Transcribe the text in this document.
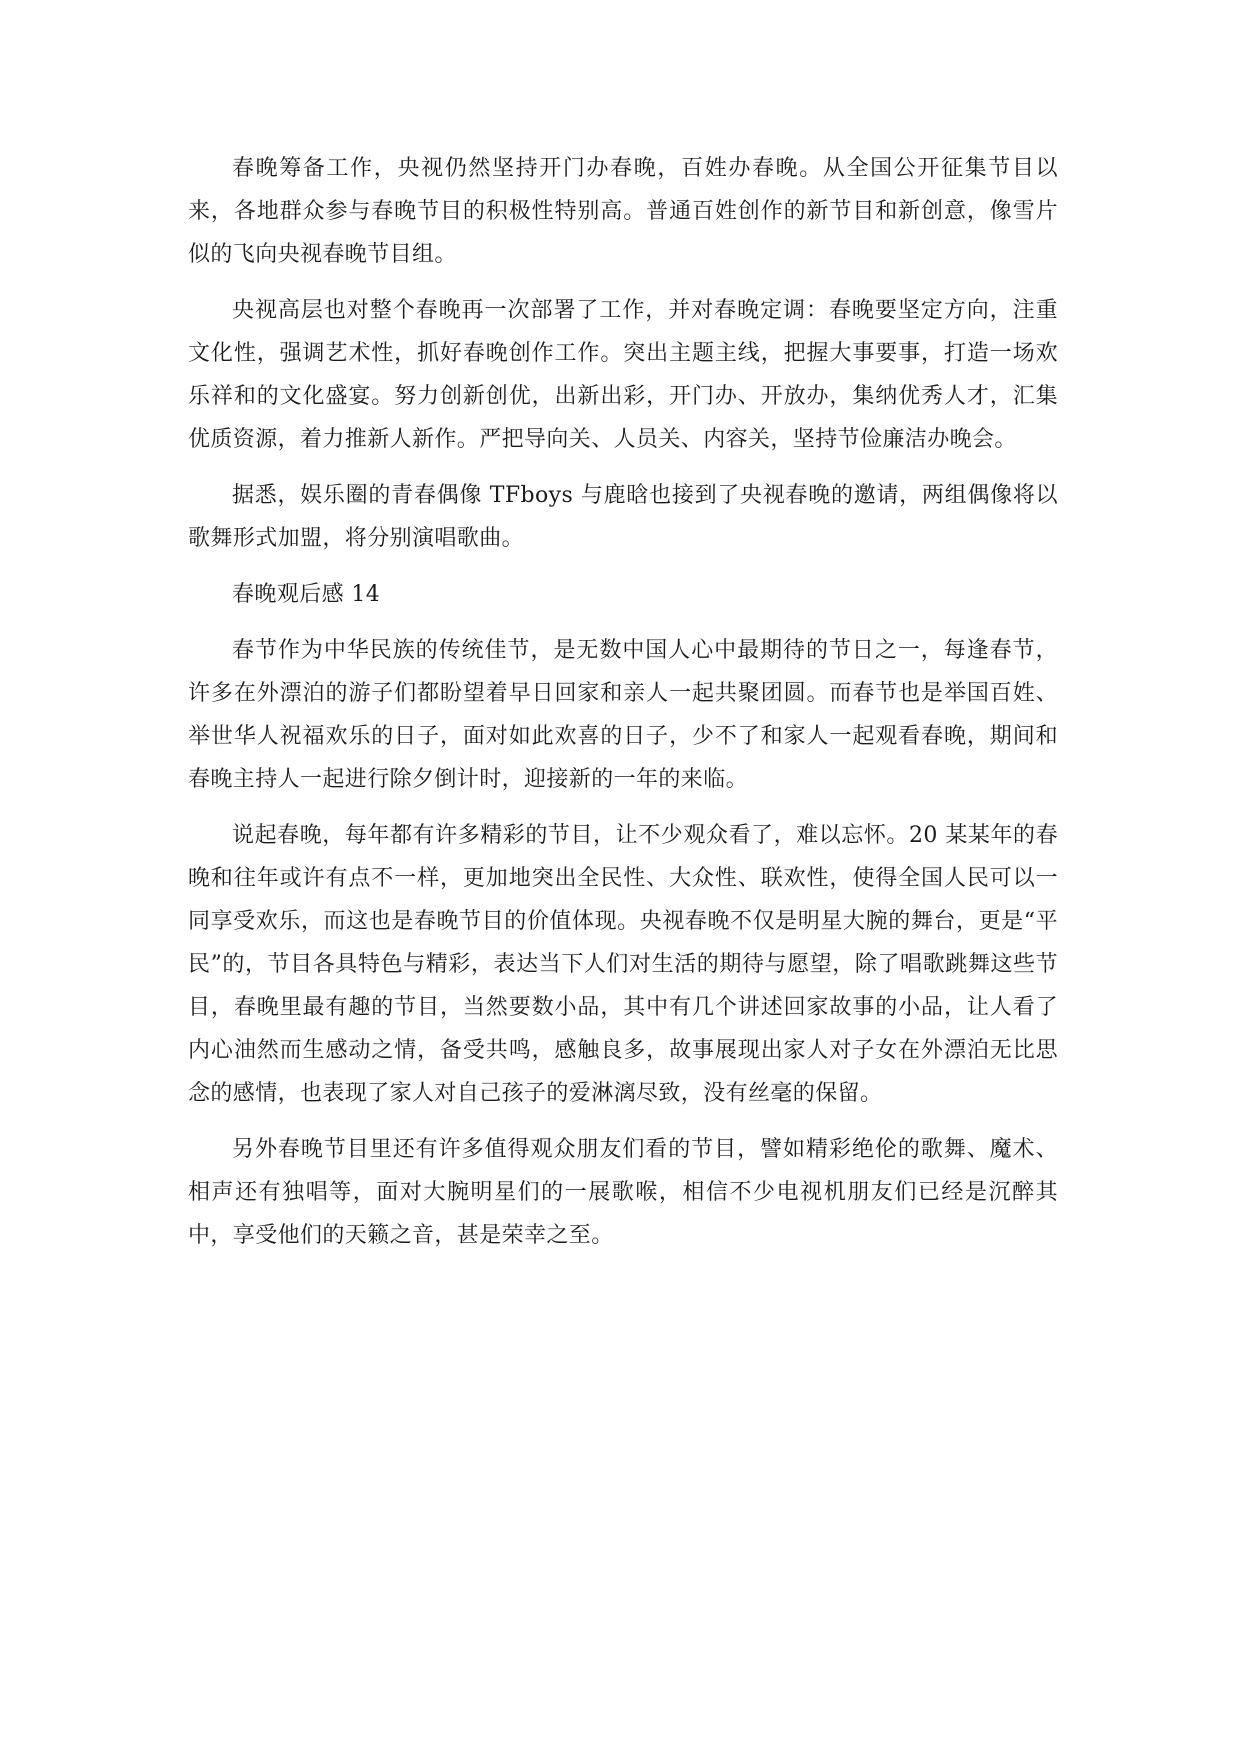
春晚筹备工作，央视仍然坚持开门办春晚，百姓办春晚。从全国公开征集节目以来，各地群众参与春晚节目的积极性特别高。普通百姓创作的新节目和新创意，像雪片似的飞向央视春晚节目组。

央视高层也对整个春晚再一次部署了工作，并对春晚定调：春晚要坚定方向，注重文化性，强调艺术性，抓好春晚创作工作。突出主题主线，把握大事要事，打造一场欢乐祥和的文化盛宴。努力创新创优，出新出彩，开门办、开放办，集纳优秀人才，汇集优质资源，着力推新人新作。严把导向关、人员关、内容关，坚持节俭廉洁办晚会。

据悉，娱乐圈的青春偶像 TFboys 与鹿晗也接到了央视春晚的邀请，两组偶像将以歌舞形式加盟，将分别演唱歌曲。

春晚观后感 14

春节作为中华民族的传统佳节，是无数中国人心中最期待的节日之一，每逢春节，许多在外漂泊的游子们都盼望着早日回家和亲人一起共聚团圆。而春节也是举国百姓、举世华人祝福欢乐的日子，面对如此欢喜的日子，少不了和家人一起观看春晚，期间和春晚主持人一起进行除夕倒计时，迎接新的一年的来临。

说起春晚，每年都有许多精彩的节目，让不少观众看了，难以忘怀。20 某某年的春晚和往年或许有点不一样，更加地突出全民性、大众性、联欢性，使得全国人民可以一同享受欢乐，而这也是春晚节目的价值体现。央视春晚不仅是明星大腕的舞台，更是“平民”的，节目各具特色与精彩，表达当下人们对生活的期待与愿望，除了唱歌跳舞这些节目，春晚里最有趣的节目，当然要数小品，其中有几个讲述回家故事的小品，让人看了内心油然而生感动之情，备受共鸣，感触良多，故事展现出家人对子女在外漂泊无比思念的感情，也表现了家人对自己孩子的爱淋漓尽致，没有丝毫的保留。

另外春晚节目里还有许多值得观众朋友们看的节目，譬如精彩绝伦的歌舞、魔术、相声还有独唱等，面对大腕明星们的一展歌喉，相信不少电视机朋友们已经是沉醉其中，享受他们的天籁之音，甚是荣幸之至。
